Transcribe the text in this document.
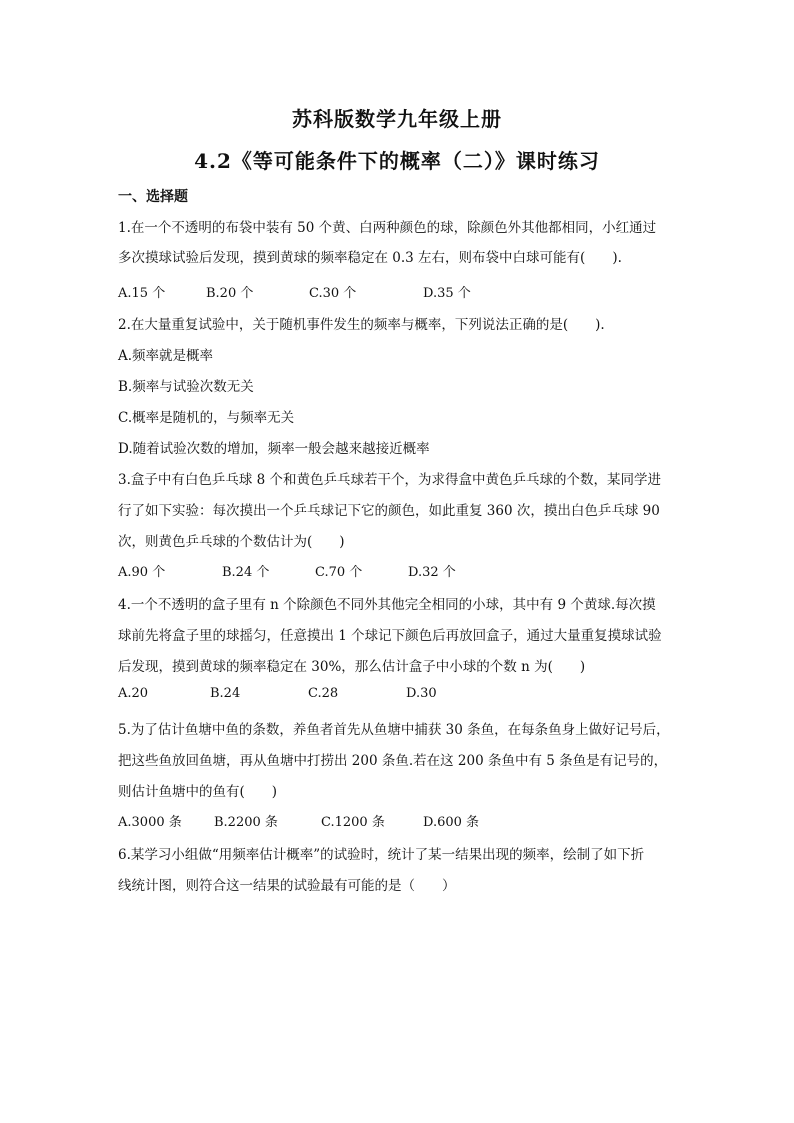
苏科版数学九年级上册
4.2《等可能条件下的概率（二）》课时练习
一、选择题
1.在一个不透明的布袋中装有 50 个黄、白两种颜色的球，除颜色外其他都相同，小红通过
多次摸球试验后发现，摸到黄球的频率稳定在 0.3 左右，则布袋中白球可能有(　　).
A.15 个	B.20 个	C.30 个	D.35 个
2.在大量重复试验中，关于随机事件发生的频率与概率，下列说法正确的是(　　).
A.频率就是概率
B.频率与试验次数无关
C.概率是随机的，与频率无关
D.随着试验次数的增加，频率一般会越来越接近概率
3.盒子中有白色乒乓球 8 个和黄色乒乓球若干个，为求得盒中黄色乒乓球的个数，某同学进
行了如下实验：每次摸出一个乒乓球记下它的颜色，如此重复 360 次，摸出白色乒乓球 90
次，则黄色乒乓球的个数估计为(　　)
A.90 个	B.24 个	C.70 个	D.32 个
4.一个不透明的盒子里有 n 个除颜色不同外其他完全相同的小球，其中有 9 个黄球.每次摸
球前先将盒子里的球摇匀，任意摸出 1 个球记下颜色后再放回盒子，通过大量重复摸球试验
后发现，摸到黄球的频率稳定在 30%，那么估计盒子中小球的个数 n 为(　　)
A.20	B.24	C.28	D.30
5.为了估计鱼塘中鱼的条数，养鱼者首先从鱼塘中捕获 30 条鱼，在每条鱼身上做好记号后，
把这些鱼放回鱼塘，再从鱼塘中打捞出 200 条鱼.若在这 200 条鱼中有 5 条鱼是有记号的，
则估计鱼塘中的鱼有(　　)
A.3000 条 B.2200 条	C.1200 条	D.600 条
6.某学习小组做“用频率估计概率”的试验时，统计了某一结果出现的频率，绘制了如下折
线统计图，则符合这一结果的试验最有可能的是（　　）
